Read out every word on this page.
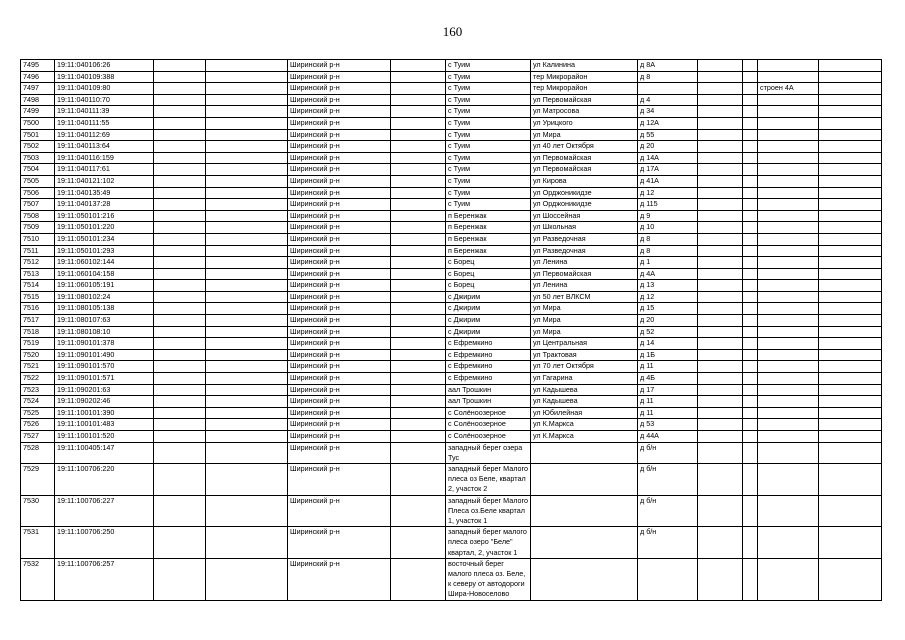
160
7495	19:11:040106:26			Ширинский р-н		с Туим	ул Калинина	д 8А				
7496	19:11:040109:388			Ширинский р-н		с Туим	тер Микрорайон	д 8				
7497	19:11:040109:80			Ширинский р-н		с Туим	тер Микрорайон				строен 4А	
7498	19:11:040110:70			Ширинский р-н		с Туим	ул Первомайская	д 4				
7499	19:11:040111:39			Ширинский р-н		с Туим	ул Матросова	д 34				
7500	19:11:040111:55			Ширинский р-н		с Туим	ул Урицкого	д 12А				
7501	19:11:040112:69			Ширинский р-н		с Туим	ул Мира	д 55				
7502	19:11:040113:64			Ширинский р-н		с Туим	ул 40 лет Октября	д 20				
7503	19:11:040116:159			Ширинский р-н		с Туим	ул Первомайская	д 14А				
7504	19:11:040117:61			Ширинский р-н		с Туим	ул Первомайская	д 17А				
7505	19:11:040121:102			Ширинский р-н		с Туим	ул Кирова	д 41А				
7506	19:11:040135:49			Ширинский р-н		с Туим	ул Орджоникидзе	д 12				
7507	19:11:040137:28			Ширинский р-н		с Туим	ул Орджоникидзе	д 115				
7508	19:11:050101:216			Ширинский р-н		п Беренжак	ул Шоссейная	д 9				
7509	19:11:050101:220			Ширинский р-н		п Беренжак	ул Школьная	д 10				
7510	19:11:050101:234			Ширинский р-н		п Беренжак	ул Разведочная	д 8				
7511	19:11:050101:293			Ширинский р-н		п Беренжак	ул Разведочная	д 8				
7512	19:11:060102:144			Ширинский р-н		с Борец	ул Ленина	д 1				
7513	19:11:060104:158			Ширинский р-н		с Борец	ул Первомайская	д 4А				
7514	19:11:060105:191			Ширинский р-н		с Борец	ул Ленина	д 13				
7515	19:11:080102:24			Ширинский р-н		с Джирим	ул 50 лет ВЛКСМ	д 12				
7516	19:11:080105:138			Ширинский р-н		с Джирим	ул Мира	д 15				
7517	19:11:080107:63			Ширинский р-н		с Джирим	ул Мира	д 20				
7518	19:11:080108:10			Ширинский р-н		с Джирим	ул Мира	д 52				
7519	19:11:090101:378			Ширинский р-н		с Ефремкино	ул Центральная	д 14				
7520	19:11:090101:490			Ширинский р-н		с Ефремкино	ул Трактовая	д 1Б				
7521	19:11:090101:570			Ширинский р-н		с Ефремкино	ул 70 лет Октября	д 11				
7522	19:11:090101:571			Ширинский р-н		с Ефремкино	ул Гагарина	д 4Б				
7523	19:11:090201:63			Ширинский р-н		аал Трошкин	ул Кадышева	д 17				
7524	19:11:090202:46			Ширинский р-н		аал Трошкин	ул Кадышева	д 11				
7525	19:11:100101:390			Ширинский р-н		с Солёноозерное	ул Юбилейная	д 11				
7526	19:11:100101:483			Ширинский р-н		с Солёноозерное	ул К.Маркса	д 53				
7527	19:11:100101:520			Ширинский р-н		с Солёноозерное	ул К.Маркса	д 44А				
7528	19:11:100405:147			Ширинский р-н		западный берег озера Тус		д б/н				
7529	19:11:100706:220			Ширинский р-н		западный берег Малого плеса оз Беле, квартал 2, участок 2		д б/н				
7530	19:11:100706:227			Ширинский р-н		западный берег Малого Плеса оз.Беле квартал 1, участок 1		д б/н				
7531	19:11:100706:250			Ширинский р-н		западный берег малого плеса озеро "Беле" квартал, 2, участок 1		д б/н				
7532	19:11:100706:257			Ширинский р-н		восточный берег малого плеса оз. Беле, к северу от автодороги Шира-Новоселово						
